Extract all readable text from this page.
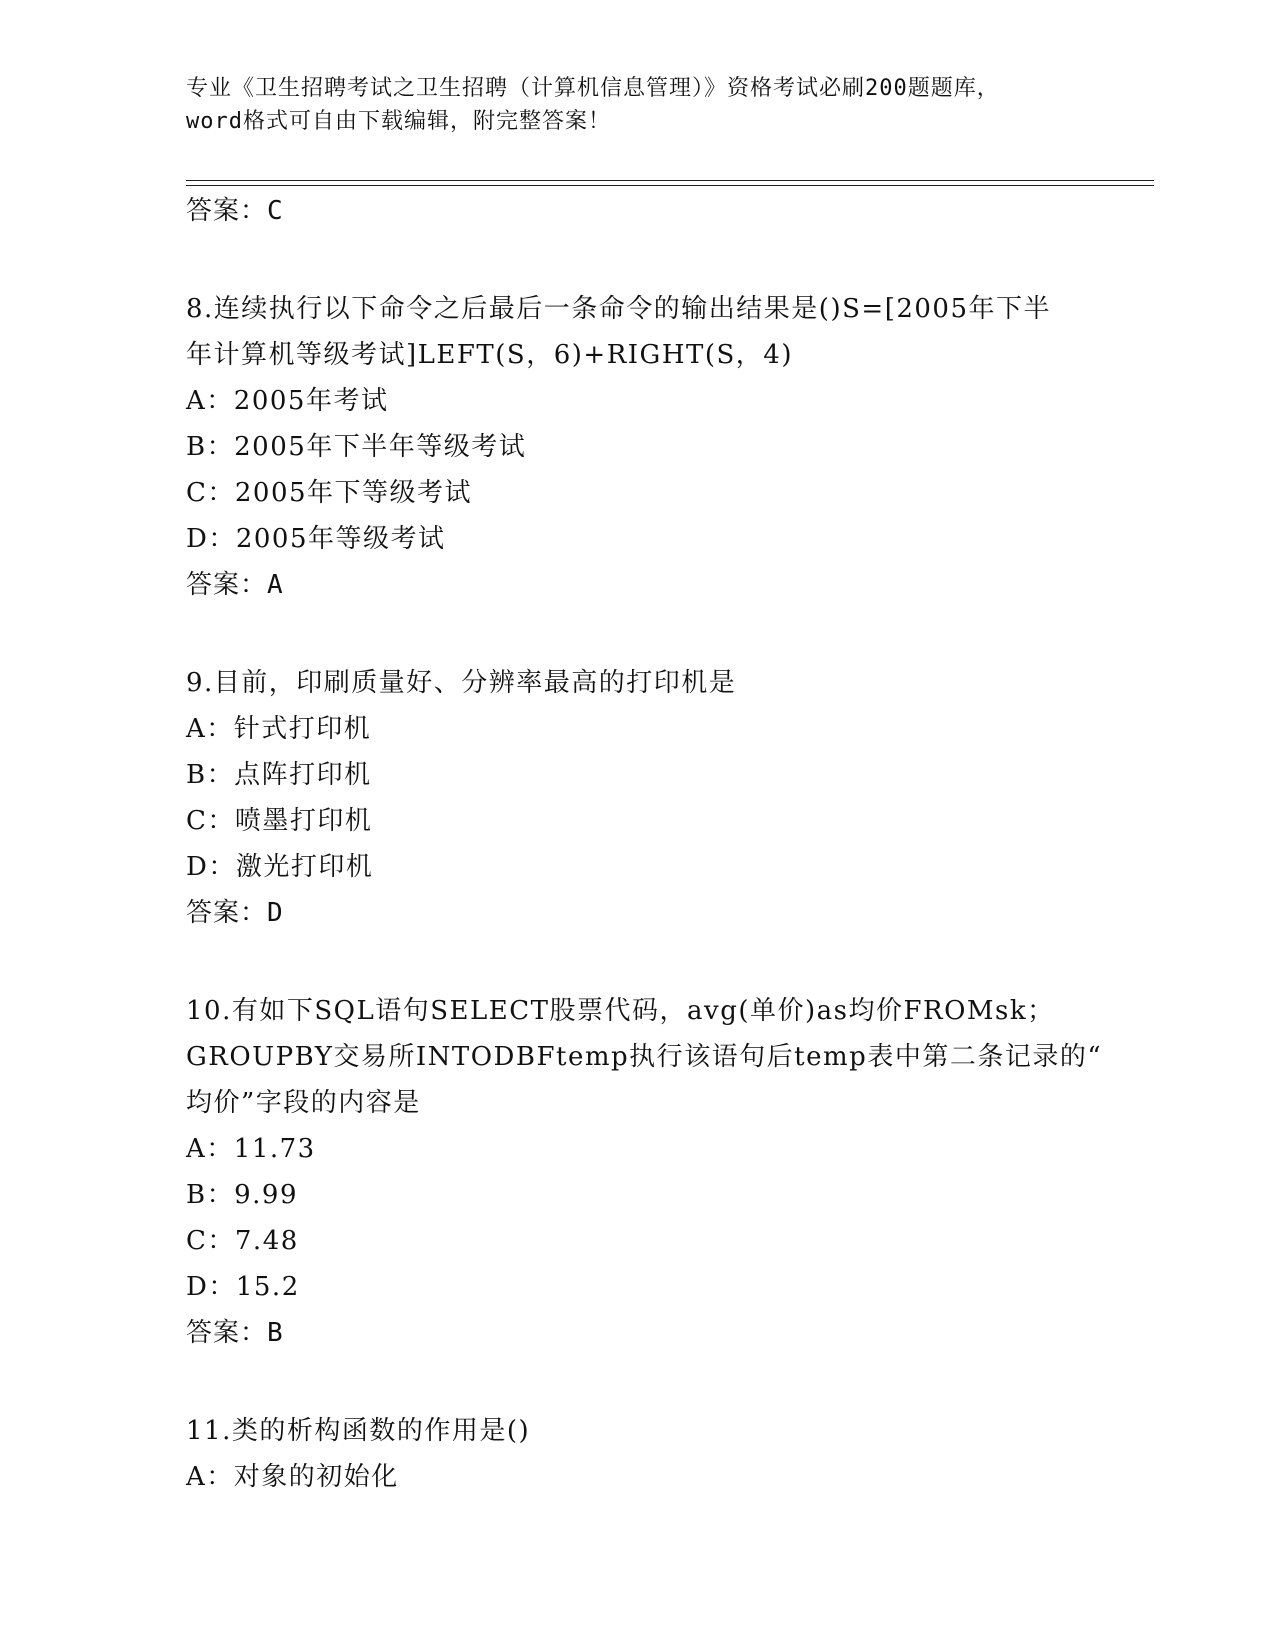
专业《卫生招聘考试之卫生招聘（计算机信息管理）》资格考试必刷200题题库，
word格式可自由下载编辑，附完整答案！
答案：C
8.连续执行以下命令之后最后一条命令的输出结果是()S=[2005年下半
年计算机等级考试]LEFT(S，6)+RIGHT(S，4)
A：2005年考试
B：2005年下半年等级考试
C：2005年下等级考试
D：2005年等级考试
答案：A
9.目前，印刷质量好、分辨率最高的打印机是
A：针式打印机
B：点阵打印机
C：喷墨打印机
D：激光打印机
答案：D
10.有如下SQL语句SELECT股票代码，avg(单价)as均价FROMsk；
GROUPBY交易所INTODBFtemp执行该语句后temp表中第二条记录的“
均价”字段的内容是
A：11.73
B：9.99
C：7.48
D：15.2
答案：B
11.类的析构函数的作用是()
A：对象的初始化
